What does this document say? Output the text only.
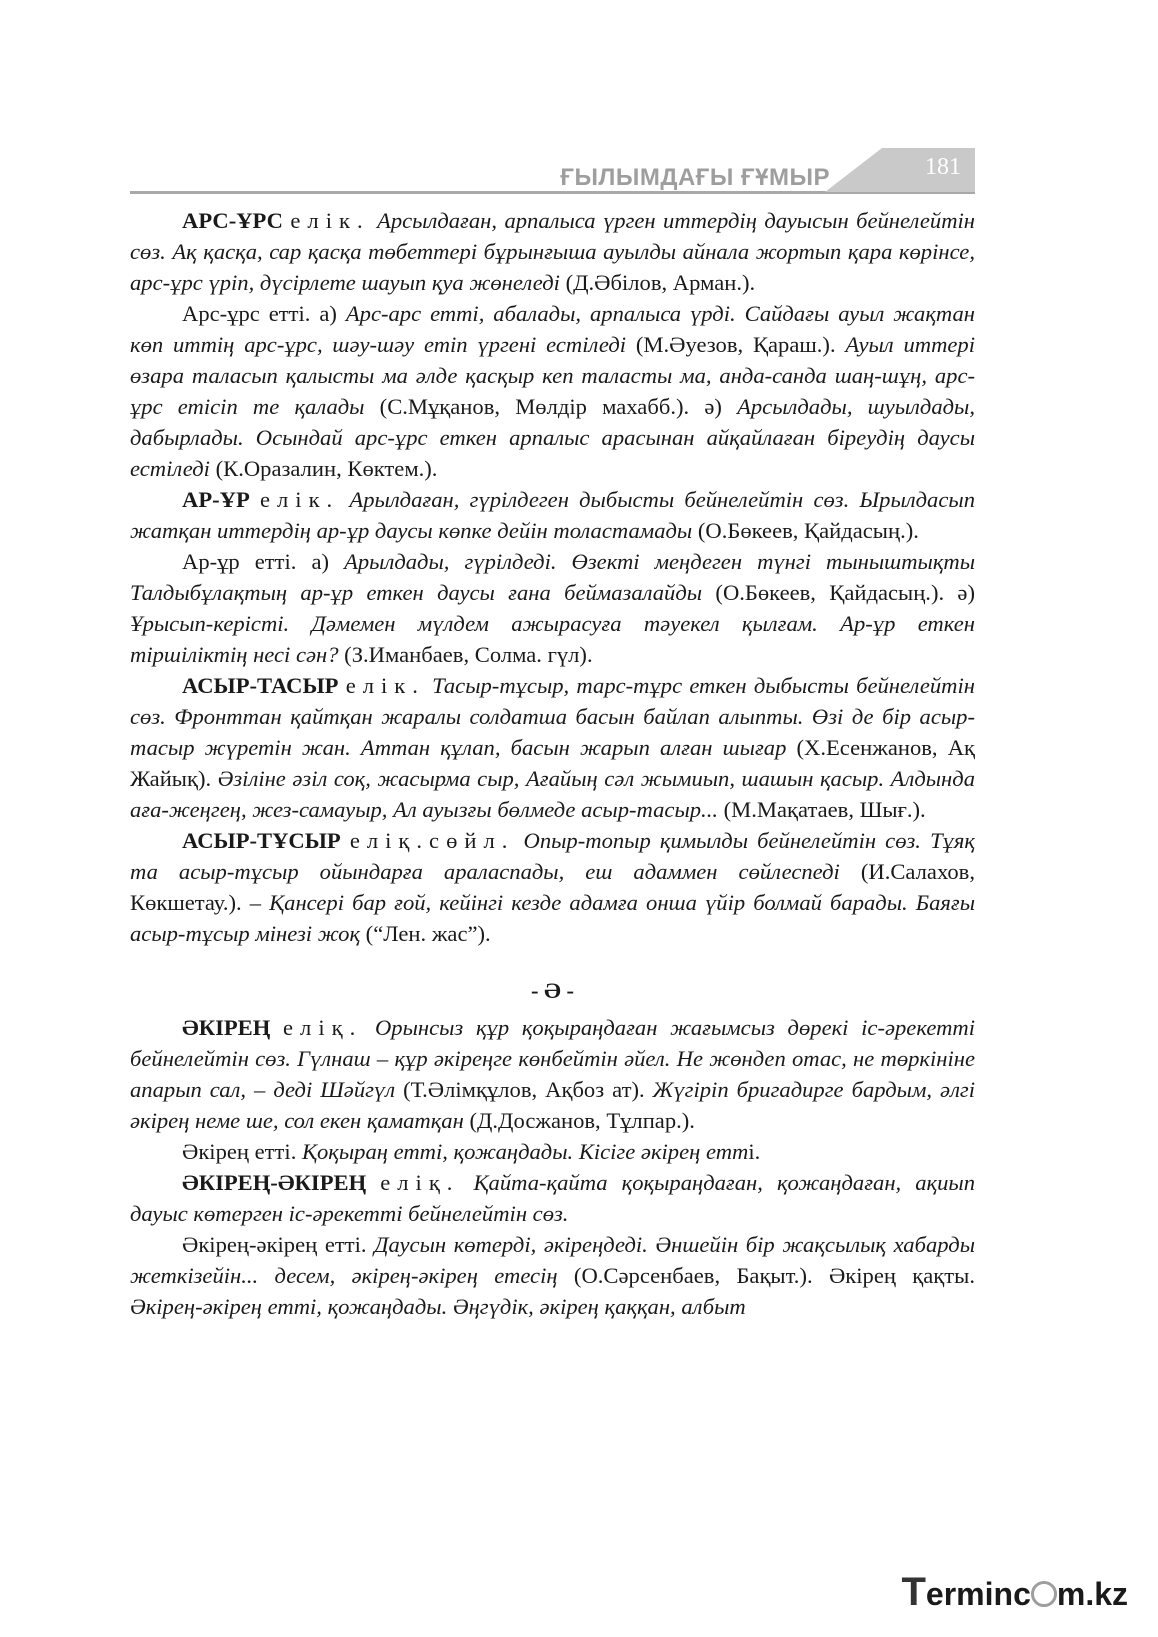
ҒЫЛЫМДАҒЫ ҒҰМЫР	181

АРС-ҰРС елік. Арсылдаған, арпалыса үрген иттердің дауысын бейнелейтін сөз. Ақ қасқа, сар қасқа төбеттері бұрынғыша ауылды айнала жортып қара көрінсе, арс-ұрс үріп, дүсірлете шауып қуа жөнеледі (Д.Әбілов, Арман.).

Арс-ұрс етті. а) Арс-арс етті, абалады, арпалыса үрді. Сайдағы ауыл жақтан көп иттің арс-ұрс, шәу-шәу етіп үргені естіледі (М.Әуезов, Қараш.). Ауыл иттері өзара таласып қалысты ма әлде қасқыр кеп таласты ма, анда-санда шаң-шұң, арс-ұрс етісіп те қалады (С.Мұқанов, Мөлдір махабб.). ә) Арсылдады, шуылдады, дабырлады. Осындай арс-ұрс еткен арпалыс арасынан айқайлаған біреудің даусы естіледі (К.Оразалин, Көктем.).

АР-ҰР елік. Арылдаған, гүрілдеген дыбысты бейнелейтін сөз. Ырылдасып жатқан иттердің ар-ұр даусы көпке дейін толастамады (О.Бөкеев, Қайдасың.).

Ар-ұр етті. а) Арылдады, гүрілдеді. Өзекті меңдеген түнгі тыныштықты Талдыбұлақтың ар-ұр еткен даусы ғана беймазалайды (О.Бөкеев, Қайдасың.). ә) Ұрысып-керісті. Дәмемен мүлдем ажырасуға тәуекел қылғам. Ар-ұр еткен тіршіліктің несі сән? (З.Иманбаев, Солма. гүл).

АСЫР-ТАСЫР елік. Тасыр-тұсыр, тарс-тұрс еткен дыбысты бейнелейтін сөз. Фронттан қайтқан жаралы солдатша басын байлап алыпты. Өзі де бір асыр-тасыр жүретін жан. Аттан құлап, басын жарып алған шығар (Х.Есенжанов, Ақ Жайық). Әзіліне әзіл соқ, жасырма сыр, Ағайың сәл жымиып, шашын қасыр. Алдында аға-жеңгең, жез-самауыр, Ал ауызғы бөлмеде асыр-тасыр... (М.Мақатаев, Шығ.).

АСЫР-ТҰСЫР еліқ.сөйл. Опыр-топыр қимылды бейнелейтін сөз. Тұяқ та асыр-тұсыр ойындарға араласпады, еш адаммен сөйлеспеді (И.Салахов, Көкшетау.). – Қансері бар ғой, кейінгі кезде адамға онша үйір болмай барады. Баяғы асыр-тұсыр мінезі жоқ (“Лен. жас”).

- Ә -

ӘКІРЕҢ еліқ. Орынсыз құр қоқыраңдаған жағымсыз дөрекі іс-әрекетті бейнелейтін сөз. Гүлнаш – құр әкіреңге көнбейтін әйел. Не жөндеп отас, не төркініне апарып сал, – деді Шәйгүл (Т.Әлімқұлов, Ақбоз ат). Жүгіріп бригадирге бардым, әлгі әкірең неме ше, сол екен қаматқан (Д.Досжанов, Тұлпар.).

Әкірең етті. Қоқыраң етті, қожаңдады. Кісіге әкірең етті.

ӘКІРЕҢ-ӘКІРЕҢ еліқ. Қайта-қайта қоқыраңдаған, қожаңдаған, ақиып дауыс көтерген іс-әрекетті бейнелейтін сөз.

Әкірең-әкірең етті. Даусын көтерді, әкіреңдеді. Әншейін бір жақсылық хабарды жеткізейін... десем, әкірең-әкірең етесің (О.Сәрсенбаев, Бақыт.). Әкірең қақты. Әкірең-әкірең етті, қожаңдады. Әңгүдік, әкірең қаққан, албыт

Terminc m.kz
